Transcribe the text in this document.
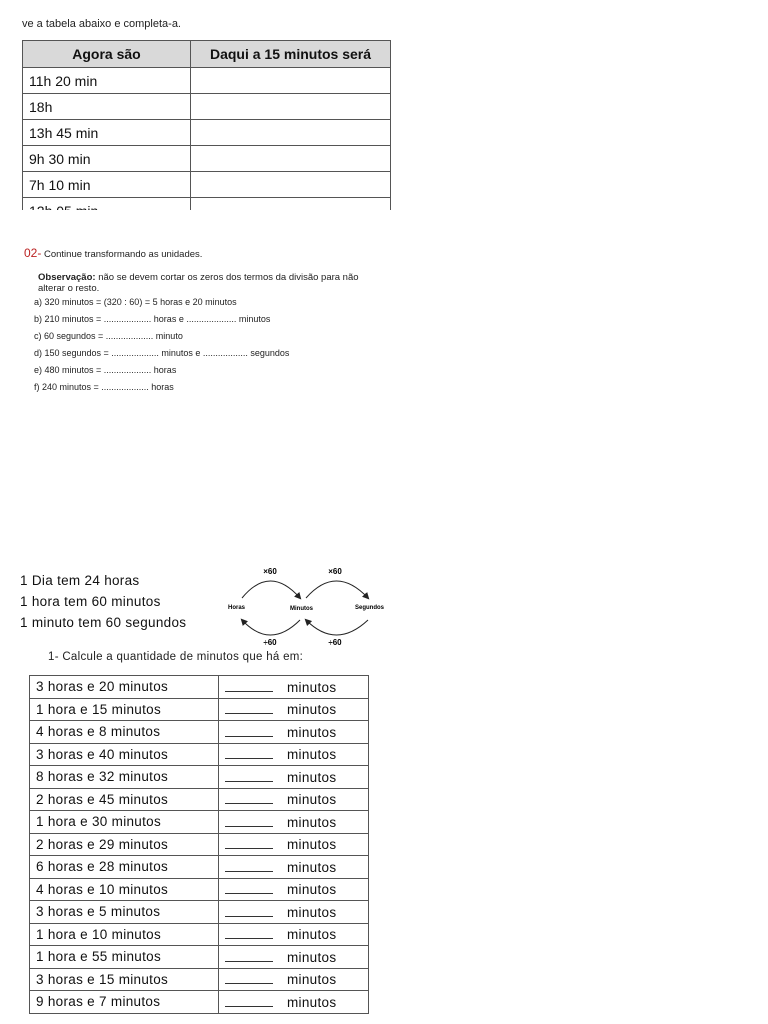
ve a tabela abaixo e completa-a.
Agora são	Daqui a 15 minutos será
11h 20 min	
18h	
13h 45 min	
9h 30 min	
7h 10 min	

02- Continue transformando as unidades.
Observação: não se devem cortar os zeros dos termos da divisão para não alterar o resto.
a) 320 minutos = (320 : 60) = 5 horas e 20 minutos
b) 210 minutos = ................... horas e .................... minutos
c) 60 segundos = ................... minuto
d) 150 segundos = ................... minutos e .................. segundos
e) 480 minutos = ................... horas
f) 240 minutos = ................... horas
1 Dia tem 24 horas
1 hora tem 60 minutos
1 minuto tem 60 segundos
×60	×60
Horas	Minutos	Segundos
÷60	÷60
1- Calcule a quantidade de minutos que há em:
3 horas e 20 minutos	minutos
1 hora e 15 minutos	minutos
4 horas e 8 minutos	minutos
3 horas e 40 minutos	minutos
8 horas e 32 minutos	minutos
2 horas e 45 minutos	minutos
1 hora e 30 minutos	minutos
2 horas e 29 minutos	minutos
6 horas e 28 minutos	minutos
4 horas e 10 minutos	minutos
3 horas e 5 minutos	minutos
1 hora e 10 minutos	minutos
1 hora e 55 minutos	minutos
3 horas e 15 minutos	minutos
9 horas e 7 minutos	minutos
